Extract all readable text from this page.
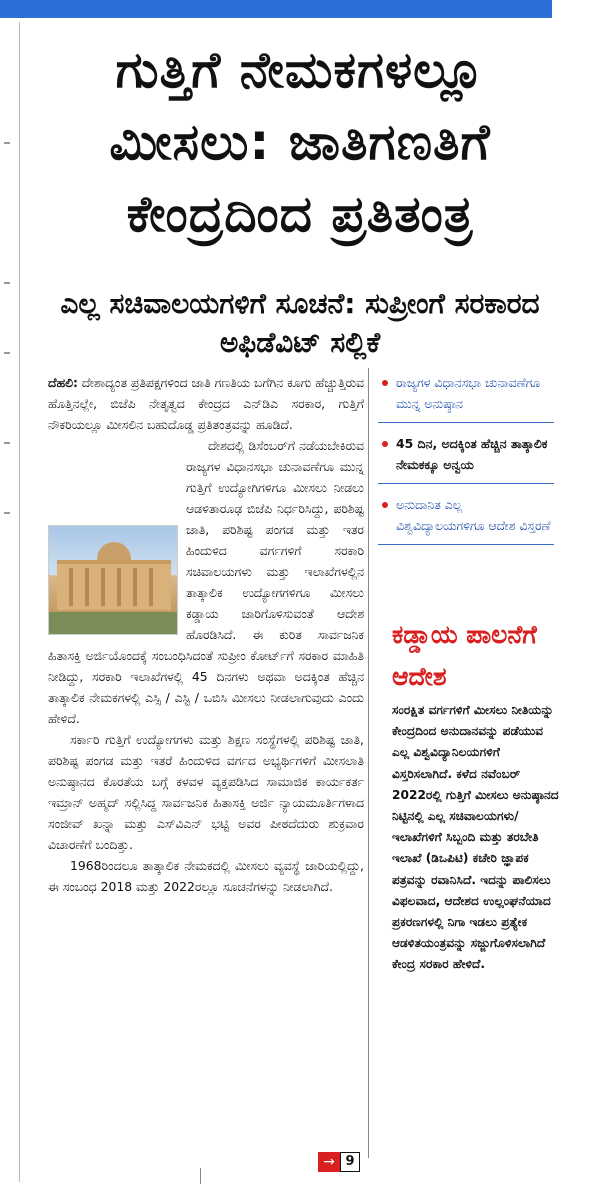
ಗುತ್ತಿಗೆ ನೇಮಕಗಳಲ್ಲೂ ಮೀಸಲು: ಜಾತಿಗಣತಿಗೆ ಕೇಂದ್ರದಿಂದ ಪ್ರತಿತಂತ್ರ
ಎಲ್ಲ ಸಚಿವಾಲಯಗಳಿಗೆ ಸೂಚನೆ: ಸುಪ್ರೀಂಗೆ ಸರಕಾರದ ಅಫಿಡೆವಿಟ್ ಸಲ್ಲಿಕೆ

ದೆಹಲಿ: ದೇಶಾದ್ಯಂತ ಪ್ರತಿಪಕ್ಷಗಳಿಂದ ಜಾತಿ ಗಣತಿಯ ಬಗೆಗಿನ ಕೂಗು ಹೆಚ್ಚುತ್ತಿರುವ ಹೊತ್ತಿನಲ್ಲೇ, ಬಿಜೆಪಿ ನೇತೃತ್ವದ ಕೇಂದ್ರದ ಎನ್‌ಡಿಎ ಸರಕಾರ, ಗುತ್ತಿಗೆ ನೌಕರಿಯಲ್ಲೂ ಮೀಸಲಿನ ಬಹುದೊಡ್ಡ ಪ್ರತಿತಂತ್ರವನ್ನು ಹೂಡಿದೆ.

ದೇಶದಲ್ಲಿ ಡಿಸೆಂಬರ್‌ಗೆ ನಡೆಯಬೇಕಿರುವ ರಾಜ್ಯಗಳ ವಿಧಾನಸಭಾ ಚುನಾವಣೆಗೂ ಮುನ್ನ ಗುತ್ತಿಗೆ ಉದ್ಯೋಗಿಗಳಿಗೂ ಮೀಸಲು ನೀಡಲು ಆಡಳಿತಾರೂಢ ಬಿಜೆಪಿ ನಿರ್ಧರಿಸಿದ್ದು, ಪರಿಶಿಷ್ಟ ಜಾತಿ, ಪರಿಶಿಷ್ಟ ಪಂಗಡ ಮತ್ತು ಇತರ ಹಿಂದುಳಿದ ವರ್ಗಗಳಿಗೆ ಸರಕಾರಿ ಸಚಿವಾಲಯಗಳು ಮತ್ತು ಇಲಾಖೆಗಳಲ್ಲಿನ ತಾತ್ಕಾಲಿಕ ಉದ್ಯೋಗಗಳಿಗೂ ಮೀಸಲು ಕಡ್ಡಾಯ ಜಾರಿಗೊಳಿಸುವಂತೆ ಆದೇಶ ಹೊರಡಿಸಿದೆ. ಈ ಕುರಿತ ಸಾರ್ವಜನಿಕ ಹಿತಾಸಕ್ತಿ ಅರ್ಜಿಯೊಂದಕ್ಕೆ ಸಂಬಂಧಿಸಿದಂತೆ ಸುಪ್ರೀಂ ಕೋರ್ಟ್‌ಗೆ ಸರಕಾರ ಮಾಹಿತಿ ನೀಡಿದ್ದು, ಸರಕಾರಿ ಇಲಾಖೆಗಳಲ್ಲಿ 45 ದಿನಗಳು ಅಥವಾ ಅದಕ್ಕಿಂತ ಹೆಚ್ಚಿನ ತಾತ್ಕಾಲಿಕ ನೇಮಕಗಳಲ್ಲಿ ಎಸ್ಸಿ / ಎಸ್ಟಿ / ಒಬಿಸಿ ಮೀಸಲು ನೀಡಲಾಗುವುದು ಎಂದು ಹೇಳಿದೆ.

ಸರ್ಕಾರಿ ಗುತ್ತಿಗೆ ಉದ್ಯೋಗಗಳು ಮತ್ತು ಶಿಕ್ಷಣ ಸಂಸ್ಥೆಗಳಲ್ಲಿ ಪರಿಶಿಷ್ಟ ಜಾತಿ, ಪರಿಶಿಷ್ಟ ಪಂಗಡ ಮತ್ತು ಇತರೆ ಹಿಂದುಳಿದ ವರ್ಗದ ಅಭ್ಯರ್ಥಿಗಳಿಗೆ ಮೀಸಲಾತಿ ಅನುಷ್ಠಾನದ ಕೊರತೆಯ ಬಗ್ಗೆ ಕಳವಳ ವ್ಯಕ್ತಪಡಿಸಿದ ಸಾಮಾಜಿಕ ಕಾರ್ಯಕರ್ತ ಇಮ್ರಾನ್ ಅಹ್ಮದ್ ಸಲ್ಲಿಸಿದ್ದ ಸಾರ್ವಜನಿಕ ಹಿತಾಸಕ್ತಿ ಅರ್ಜಿ ನ್ಯಾಯಮೂರ್ತಿಗಳಾದ ಸಂಜೀವ್ ಖನ್ನಾ ಮತ್ತು ಎಸ್‌ವಿಎನ್ ಭಟ್ಟಿ ಅವರ ಪೀಠದೆದುರು ಶುಕ್ರವಾರ ವಿಚಾರಣೆಗೆ ಬಂದಿತ್ತು.

1968ರಿಂದಲೂ ತಾತ್ಕಾಲಿಕ ನೇಮಕದಲ್ಲಿ ಮೀಸಲು ವ್ಯವಸ್ಥೆ ಜಾರಿಯಲ್ಲಿದ್ದು, ಈ ಸಂಬಂಧ 2018 ಮತ್ತು 2022ರಲ್ಲೂ ಸೂಚನೆಗಳನ್ನು ನೀಡಲಾಗಿದೆ.

ರಾಜ್ಯಗಳ ವಿಧಾನಸಭಾ ಚುನಾವಣೆಗೂ ಮುನ್ನ ಅನುಷ್ಠಾನ
45 ದಿನ, ಅದಕ್ಕಿಂತ ಹೆಚ್ಚಿನ ತಾತ್ಕಾಲಿಕ ನೇಮಕಕ್ಕೂ ಅನ್ವಯ
ಅನುದಾನಿತ ಎಲ್ಲ ವಿಶ್ವವಿದ್ಯಾಲಯಗಳಿಗೂ ಆದೇಶ ವಿಸ್ತರಣೆ
ಕಡ್ಡಾಯ ಪಾಲನೆಗೆ ಆದೇಶ
ಸಂರಕ್ಷಿತ ವರ್ಗಗಳಿಗೆ ಮೀಸಲು ನೀತಿಯನ್ನು ಕೇಂದ್ರದಿಂದ ಅನುದಾನವನ್ನು ಪಡೆಯುವ ಎಲ್ಲ ವಿಶ್ವವಿದ್ಯಾನಿಲಯಗಳಿಗೆ ವಿಸ್ತರಿಸಲಾಗಿದೆ. ಕಳೆದ ನವೆಂಬರ್ 2022ರಲ್ಲಿ ಗುತ್ತಿಗೆ ಮೀಸಲು ಅನುಷ್ಠಾನದ ನಿಟ್ಟಿನಲ್ಲಿ ಎಲ್ಲ ಸಚಿವಾಲಯಗಳು/ ಇಲಾಖೆಗಳಿಗೆ ಸಿಬ್ಬಂದಿ ಮತ್ತು ತರಬೇತಿ ಇಲಾಖೆ (ಡಿಒಪಿಟಿ) ಕಚೇರಿ ಜ್ಞಾಪಕ ಪತ್ರವನ್ನು ರವಾನಿಸಿದೆ. ಇದನ್ನು ಪಾಲಿಸಲು ವಿಫಲವಾದ, ಆದೇಶದ ಉಲ್ಲಂಘನೆಯಾದ ಪ್ರಕರಣಗಳಲ್ಲಿ ನಿಗಾ ಇಡಲು ಪ್ರತ್ಯೇಕ ಆಡಳಿತಯಂತ್ರವನ್ನು ಸಜ್ಜುಗೊಳಿಸಲಾಗಿದೆ ಕೇಂದ್ರ ಸರಕಾರ ಹೇಳಿದೆ.
→ 9
